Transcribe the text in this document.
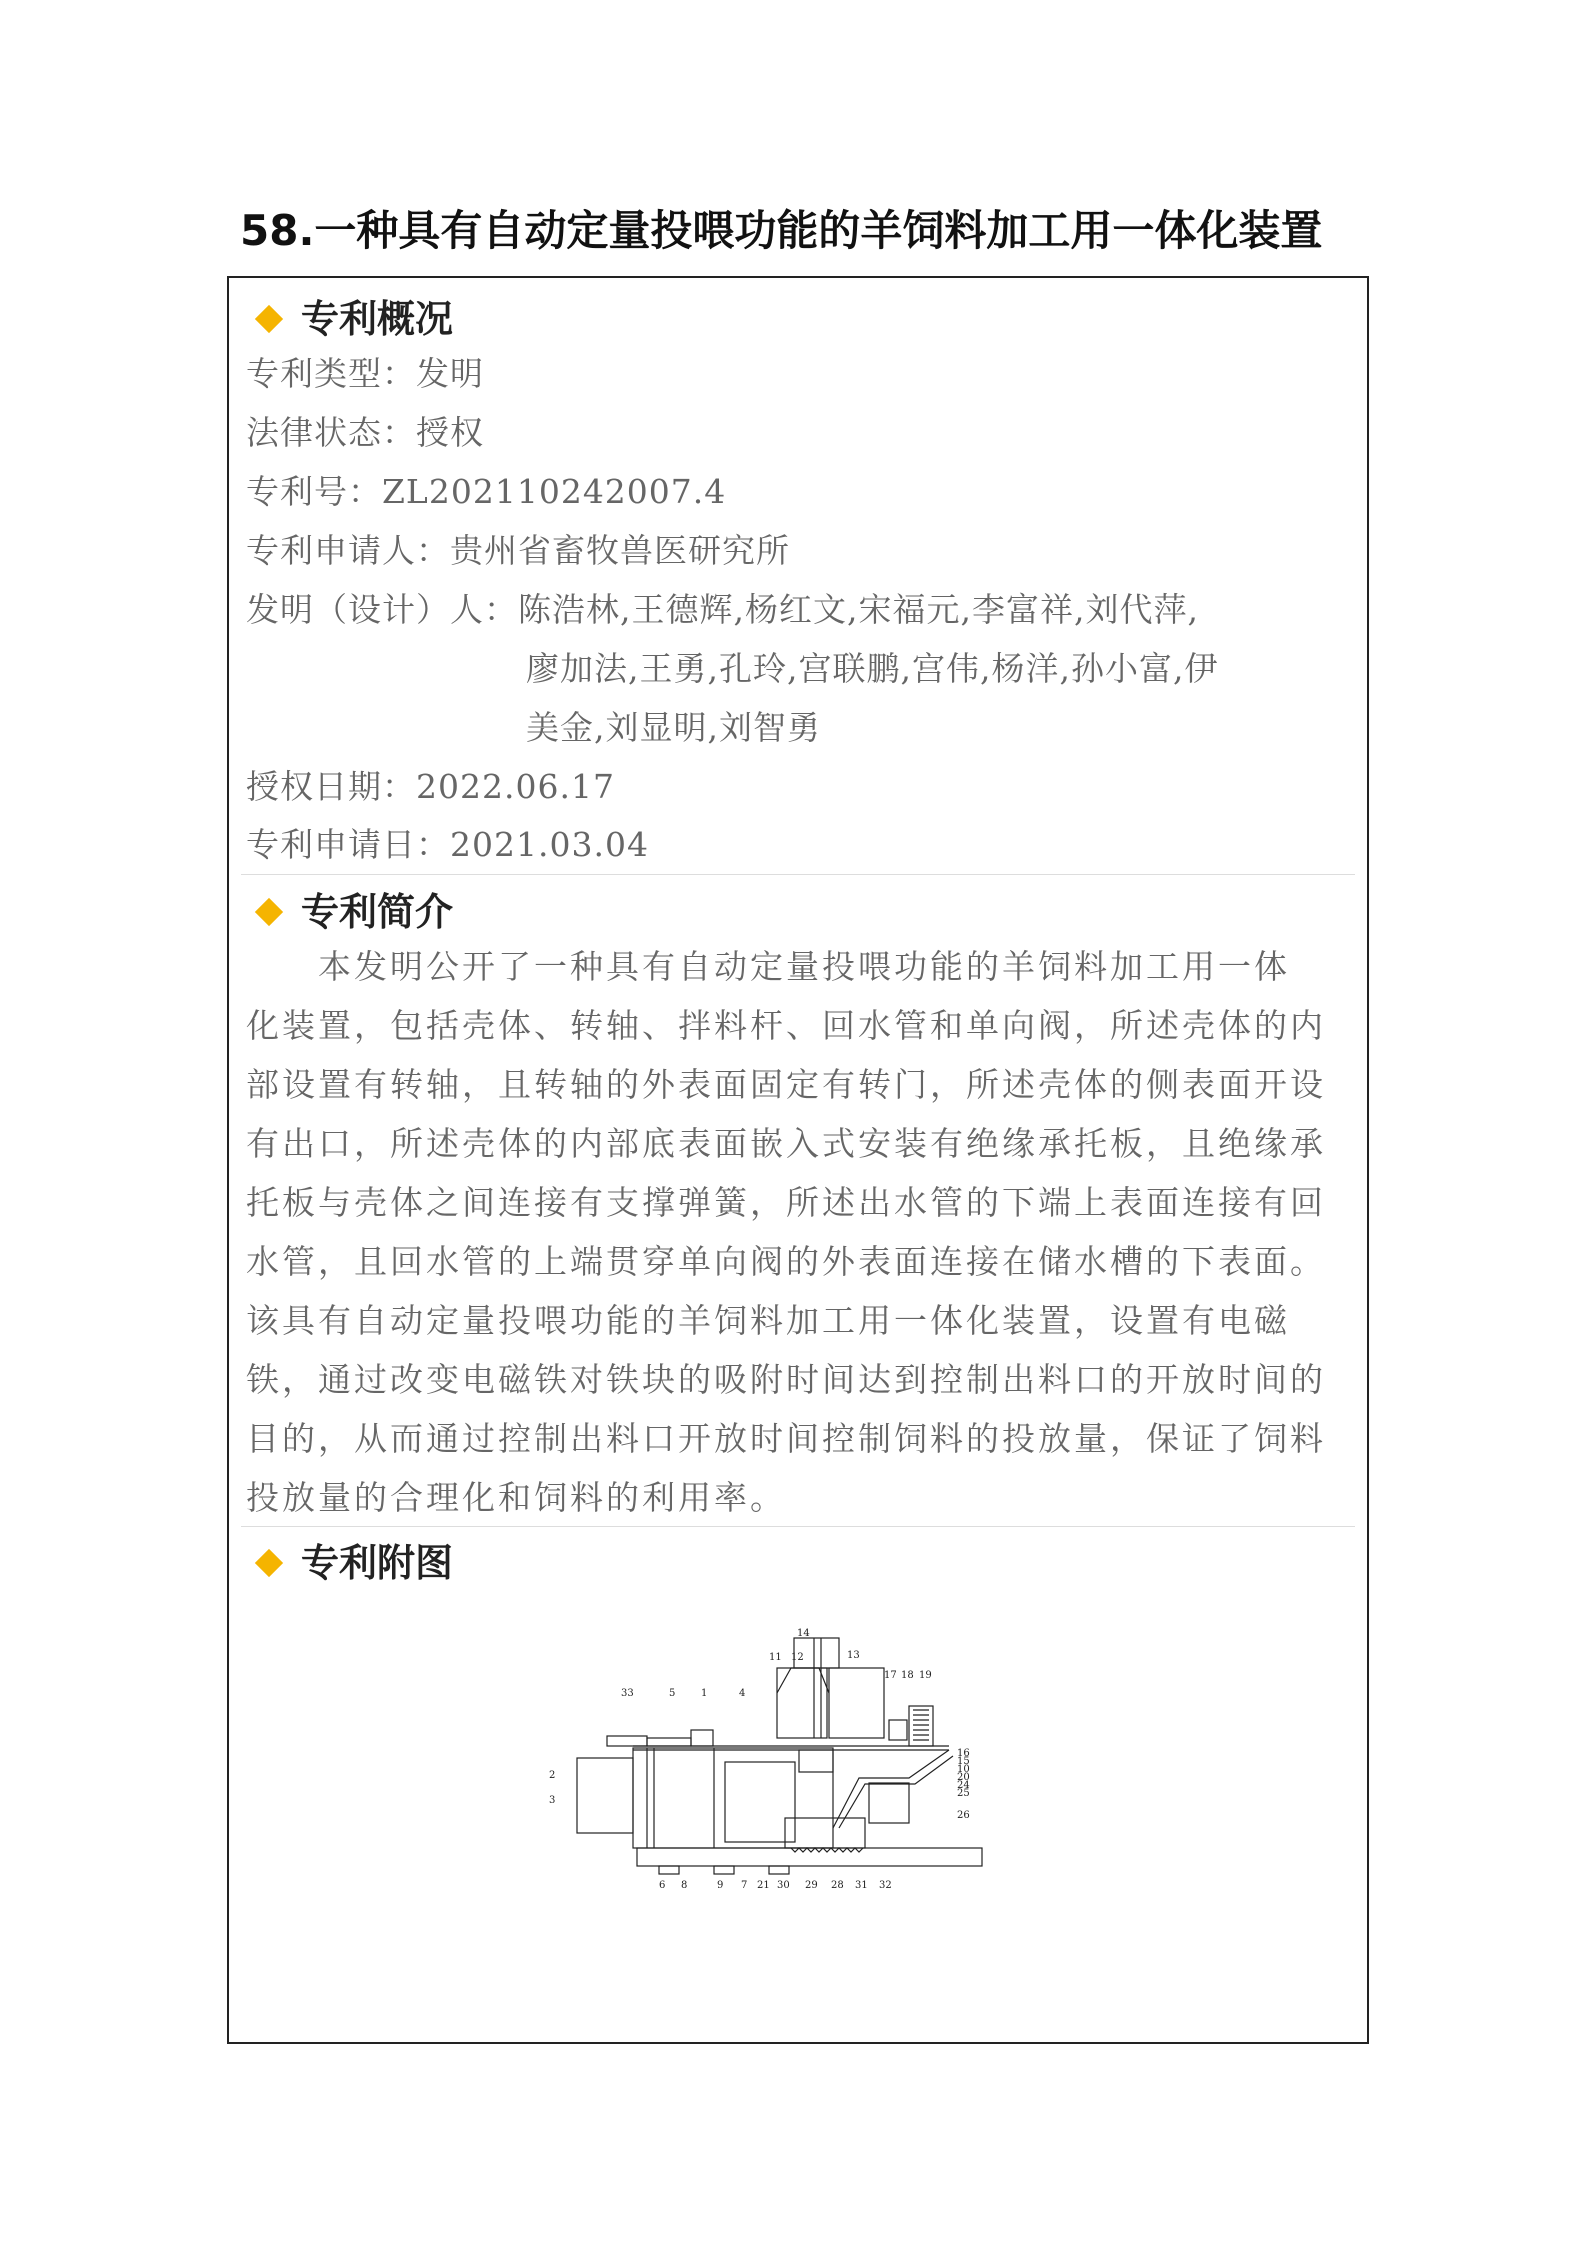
58.一种具有自动定量投喂功能的羊饲料加工用一体化装置
专利概况
专利类型：发明
法律状态：授权
专利号：ZL202110242007.4
专利申请人：贵州省畜牧兽医研究所
发明（设计）人：陈浩林,王德辉,杨红文,宋福元,李富祥,刘代萍,
廖加法,王勇,孔玲,宫联鹏,宫伟,杨洋,孙小富,伊
美金,刘显明,刘智勇
授权日期：2022.06.17
专利申请日：2021.03.04
专利简介
　　本发明公开了一种具有自动定量投喂功能的羊饲料加工用一体
化装置，包括壳体、转轴、拌料杆、回水管和单向阀，所述壳体的内
部设置有转轴，且转轴的外表面固定有转门，所述壳体的侧表面开设
有出口，所述壳体的内部底表面嵌入式安装有绝缘承托板，且绝缘承
托板与壳体之间连接有支撑弹簧，所述出水管的下端上表面连接有回
水管，且回水管的上端贯穿单向阀的外表面连接在储水槽的下表面。
该具有自动定量投喂功能的羊饲料加工用一体化装置，设置有电磁
铁，通过改变电磁铁对铁块的吸附时间达到控制出料口的开放时间的
目的，从而通过控制出料口开放时间控制饲料的投放量，保证了饲料
投放量的合理化和饲料的利用率。
专利附图
14
11 12	13
17 18 19
33	5	1	4
16
15
10
20
24
25
2
3
26
6 8	9 7 21 30 29 28 31 32
